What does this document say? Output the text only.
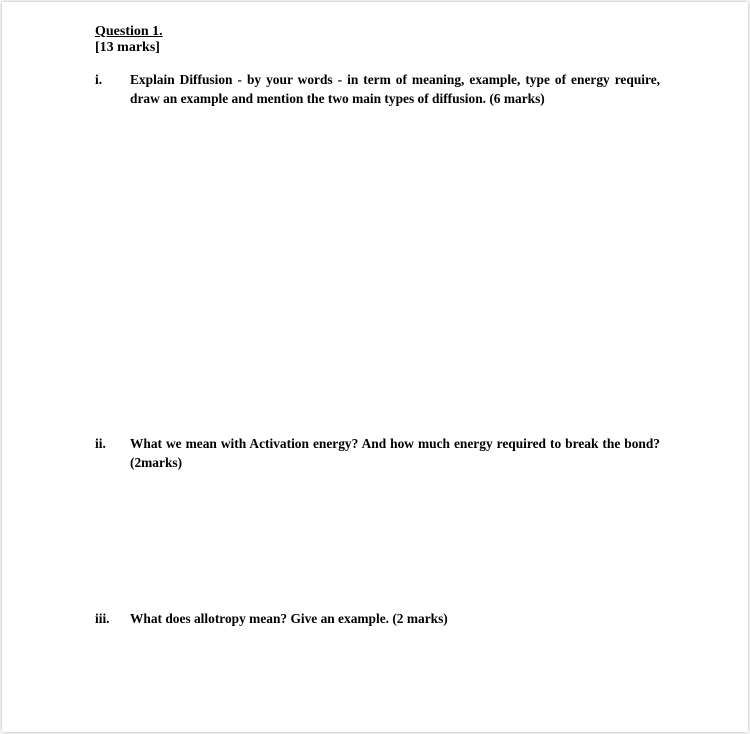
Question 1.
[13 marks]
i.	Explain Diffusion - by your words - in term of meaning, example, type of energy require, draw an example and mention the two main types of diffusion. (6 marks)
ii.	What we mean with Activation energy? And how much energy required to break the bond? (2marks)
iii.	What does allotropy mean? Give an example. (2 marks)
